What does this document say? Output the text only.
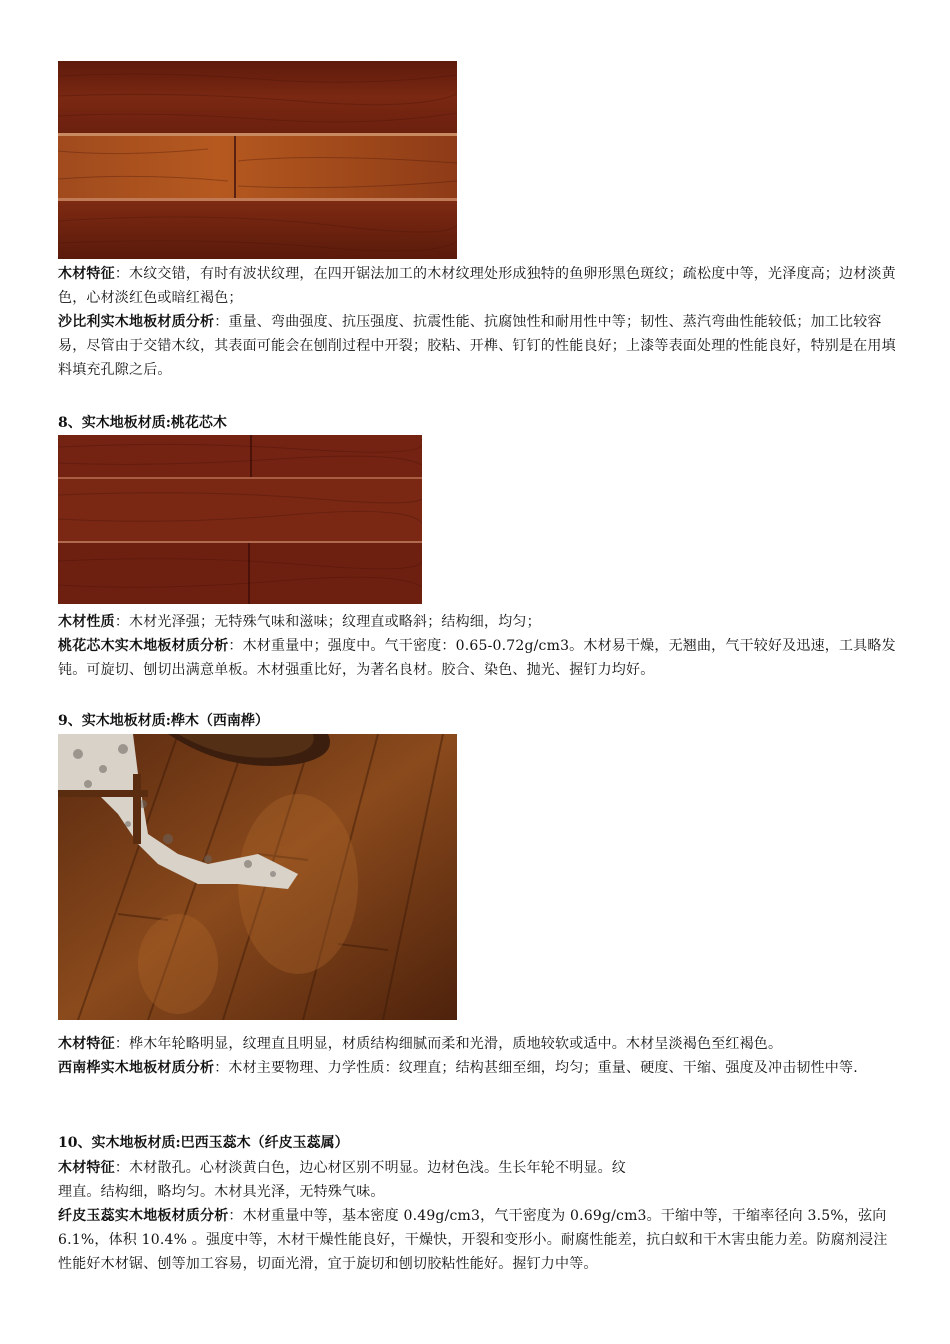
木材特征：木纹交错，有时有波状纹理，在四开锯法加工的木材纹理处形成独特的鱼卵形黑色斑纹；疏松度中等，光泽度高；边材淡黄色，心材淡红色或暗红褐色；

沙比利实木地板材质分析：重量、弯曲强度、抗压强度、抗震性能、抗腐蚀性和耐用性中等；韧性、蒸汽弯曲性能较低；加工比较容易，尽管由于交错木纹，其表面可能会在刨削过程中开裂；胶粘、开榫、钉钉的性能良好；上漆等表面处理的性能良好，特别是在用填料填充孔隙之后。

8、实木地板材质:桃花芯木

木材性质：木材光泽强；无特殊气味和滋味；纹理直或略斜；结构细，均匀；

桃花芯木实木地板材质分析：木材重量中；强度中。气干密度：0.65-0.72g/cm3。木材易干燥，无翘曲，气干较好及迅速，工具略发钝。可旋切、刨切出满意单板。木材强重比好，为著名良材。胶合、染色、抛光、握钉力均好。

9、实木地板材质:桦木（西南桦）

木材特征：桦木年轮略明显，纹理直且明显，材质结构细腻而柔和光滑，质地较软或适中。木材呈淡褐色至红褐色。

西南桦实木地板材质分析：木材主要物理、力学性质：纹理直；结构甚细至细，均匀；重量、硬度、干缩、强度及冲击韧性中等.

10、实木地板材质:巴西玉蕊木（纤皮玉蕊属）

木材特征：木材散孔。心材淡黄白色，边心材区别不明显。边材色浅。生长年轮不明显。纹
理直。结构细，略均匀。木材具光泽，无特殊气味。

纤皮玉蕊实木地板材质分析：木材重量中等，基本密度 0.49g/cm3，气干密度为 0.69g/cm3。干缩中等，干缩率径向 3.5%，弦向 6.1%，体积 10.4% 。强度中等，木材干燥性能良好，干燥快，开裂和变形小。耐腐性能差，抗白蚁和干木害虫能力差。防腐剂浸注性能好木材锯、刨等加工容易，切面光滑，宜于旋切和刨切胶粘性能好。握钉力中等。
